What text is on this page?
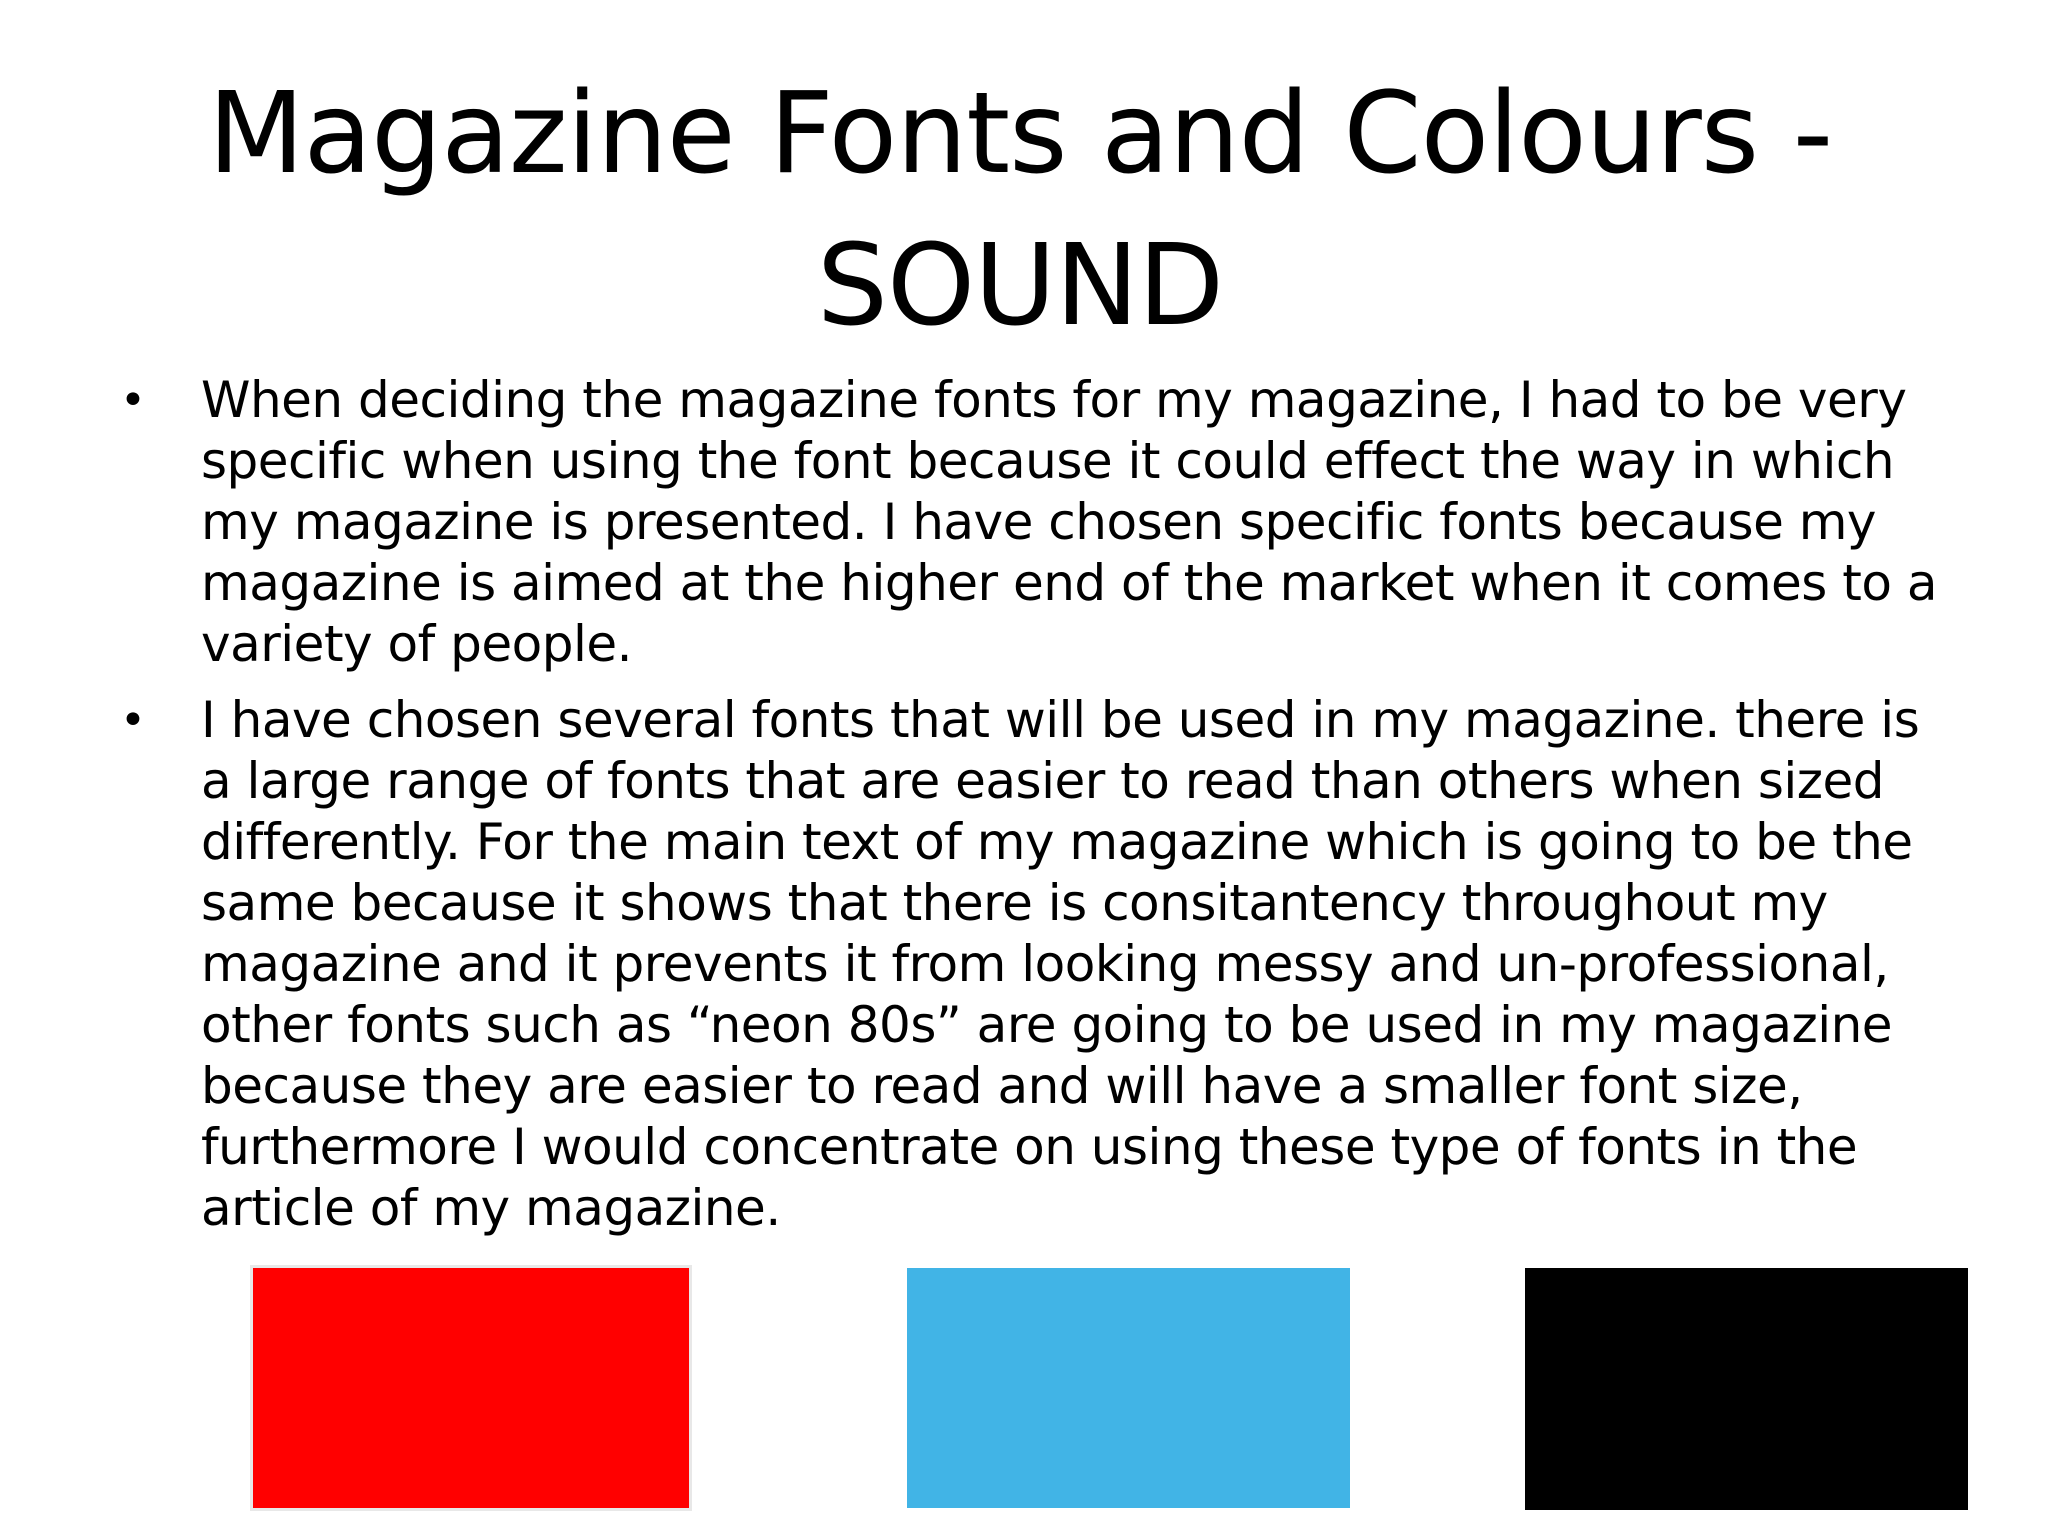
Magazine Fonts and Colours -
SOUND
• When deciding the magazine fonts for my magazine, I had to be very specific when using the font because it could effect the way in which my magazine is presented. I have chosen specific fonts because my magazine is aimed at the higher end of the market when it comes to a variety of people.
• I have chosen several fonts that will be used in my magazine. there is a large range of fonts that are easier to read than others when sized differently. For the main text of my magazine which is going to be the same because it shows that there is consitantency throughout my magazine and it prevents it from looking messy and un-professional, other fonts such as “neon 80s” are going to be used in my magazine because they are easier to read and will have a smaller font size, furthermore I would concentrate on using these type of fonts in the article of my magazine.
